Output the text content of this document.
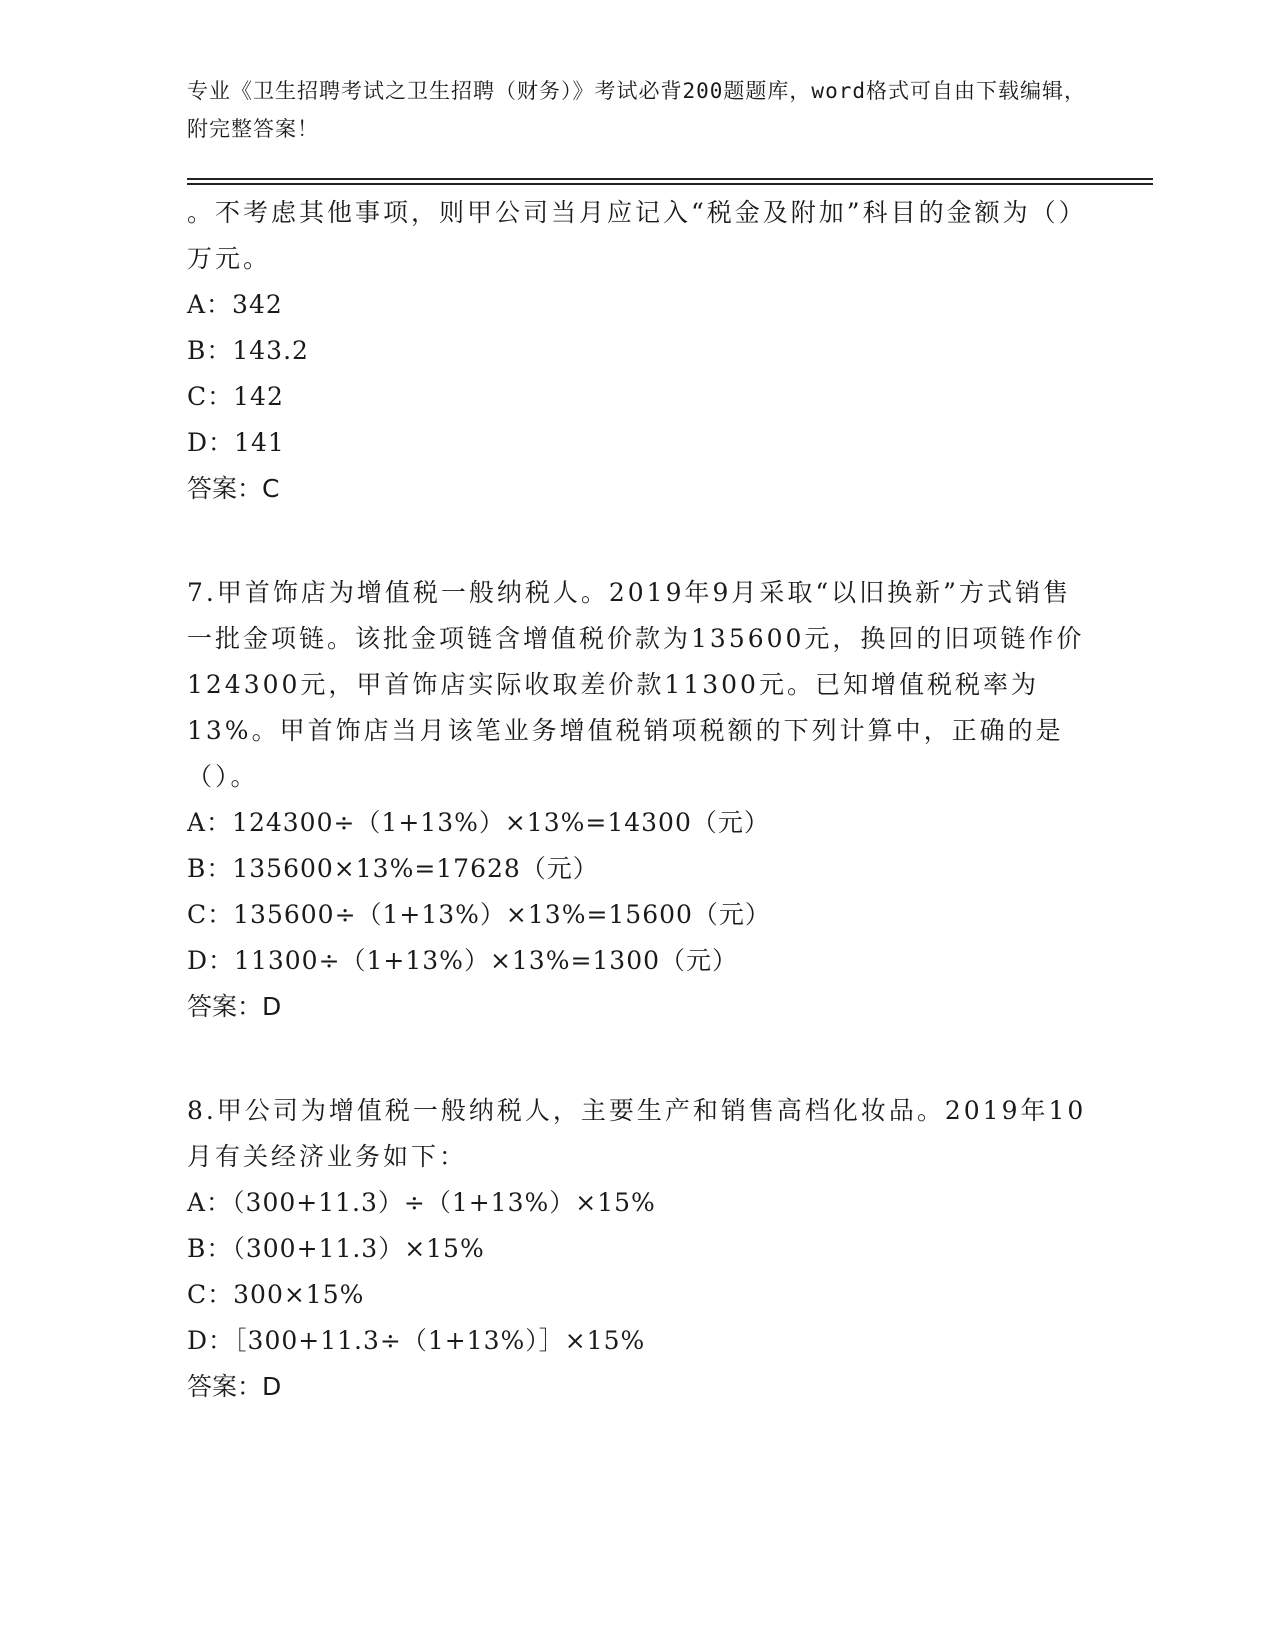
专业《卫生招聘考试之卫生招聘（财务）》考试必背200题题库，word格式可自由下载编辑，附完整答案！

。不考虑其他事项，则甲公司当月应记入“税金及附加”科目的金额为（）万元。

A：342

B：143.2

C：142

D：141

答案：C

7.甲首饰店为增值税一般纳税人。2019年9月采取“以旧换新”方式销售一批金项链。该批金项链含增值税价款为135600元，换回的旧项链作价124300元，甲首饰店实际收取差价款11300元。已知增值税税率为13%。甲首饰店当月该笔业务增值税销项税额的下列计算中，正确的是（）。

A：124300÷（1+13%）×13%=14300（元）

B：135600×13%=17628（元）

C：135600÷（1+13%）×13%=15600（元）

D：11300÷（1+13%）×13%=1300（元）

答案：D

8.甲公司为增值税一般纳税人，主要生产和销售高档化妆品。2019年10月有关经济业务如下：

A：（300+11.3）÷（1+13%）×15%

B：（300+11.3）×15%

C：300×15%

D：［300+11.3÷（1+13%）］×15%

答案：D
